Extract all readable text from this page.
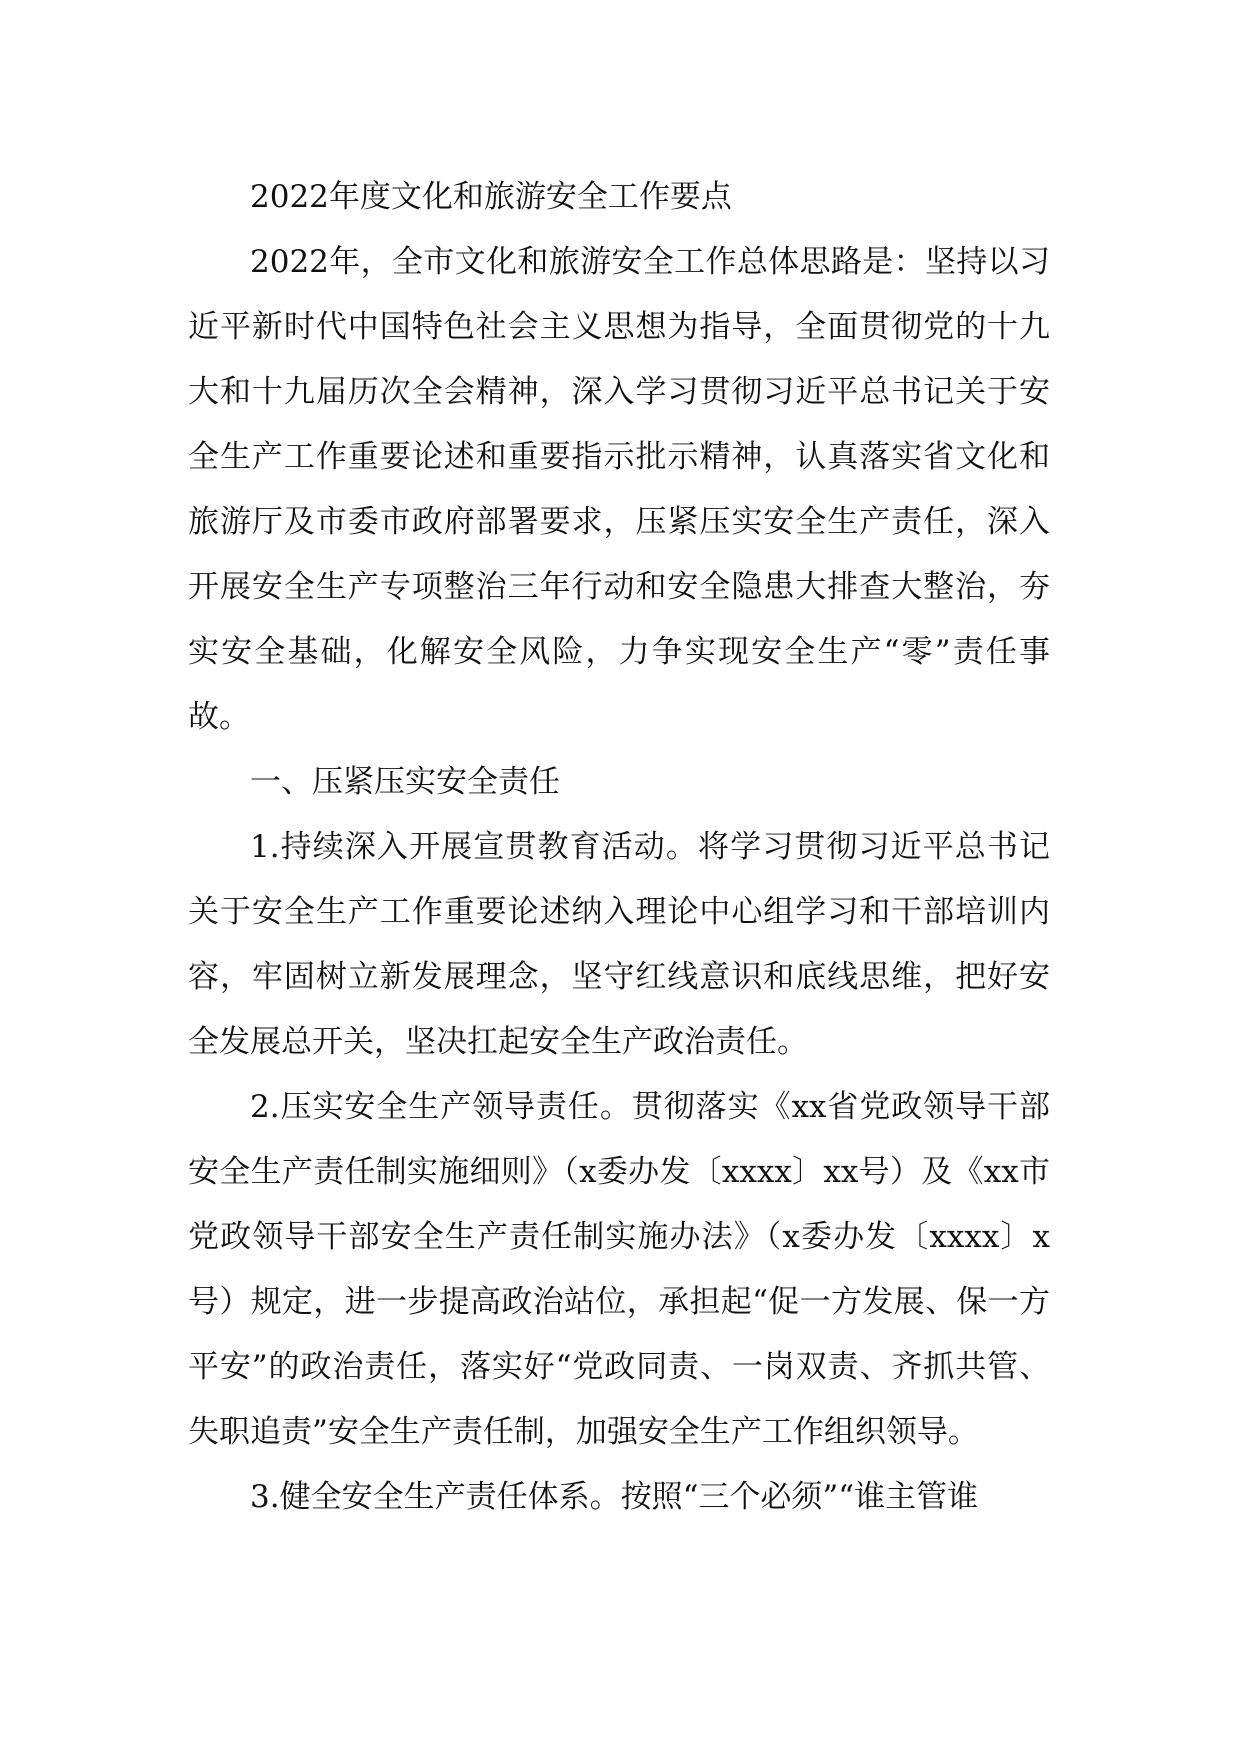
2022年度文化和旅游安全工作要点

2022年，全市文化和旅游安全工作总体思路是：坚持以习近平新时代中国特色社会主义思想为指导，全面贯彻党的十九大和十九届历次全会精神，深入学习贯彻习近平总书记关于安全生产工作重要论述和重要指示批示精神，认真落实省文化和旅游厅及市委市政府部署要求，压紧压实安全生产责任，深入开展安全生产专项整治三年行动和安全隐患大排查大整治，夯实安全基础，化解安全风险，力争实现安全生产“零”责任事故。

一、压紧压实安全责任

1.持续深入开展宣贯教育活动。将学习贯彻习近平总书记关于安全生产工作重要论述纳入理论中心组学习和干部培训内容，牢固树立新发展理念，坚守红线意识和底线思维，把好安全发展总开关，坚决扛起安全生产政治责任。

2.压实安全生产领导责任。贯彻落实《xx省党政领导干部安全生产责任制实施细则》（x委办发〔xxxx〕xx号）及《xx市党政领导干部安全生产责任制实施办法》（x委办发〔xxxx〕x号）规定，进一步提高政治站位，承担起“促一方发展、保一方平安”的政治责任，落实好“党政同责、一岗双责、齐抓共管、失职追责”安全生产责任制，加强安全生产工作组织领导。

3.健全安全生产责任体系。按照“三个必须”“谁主管谁
